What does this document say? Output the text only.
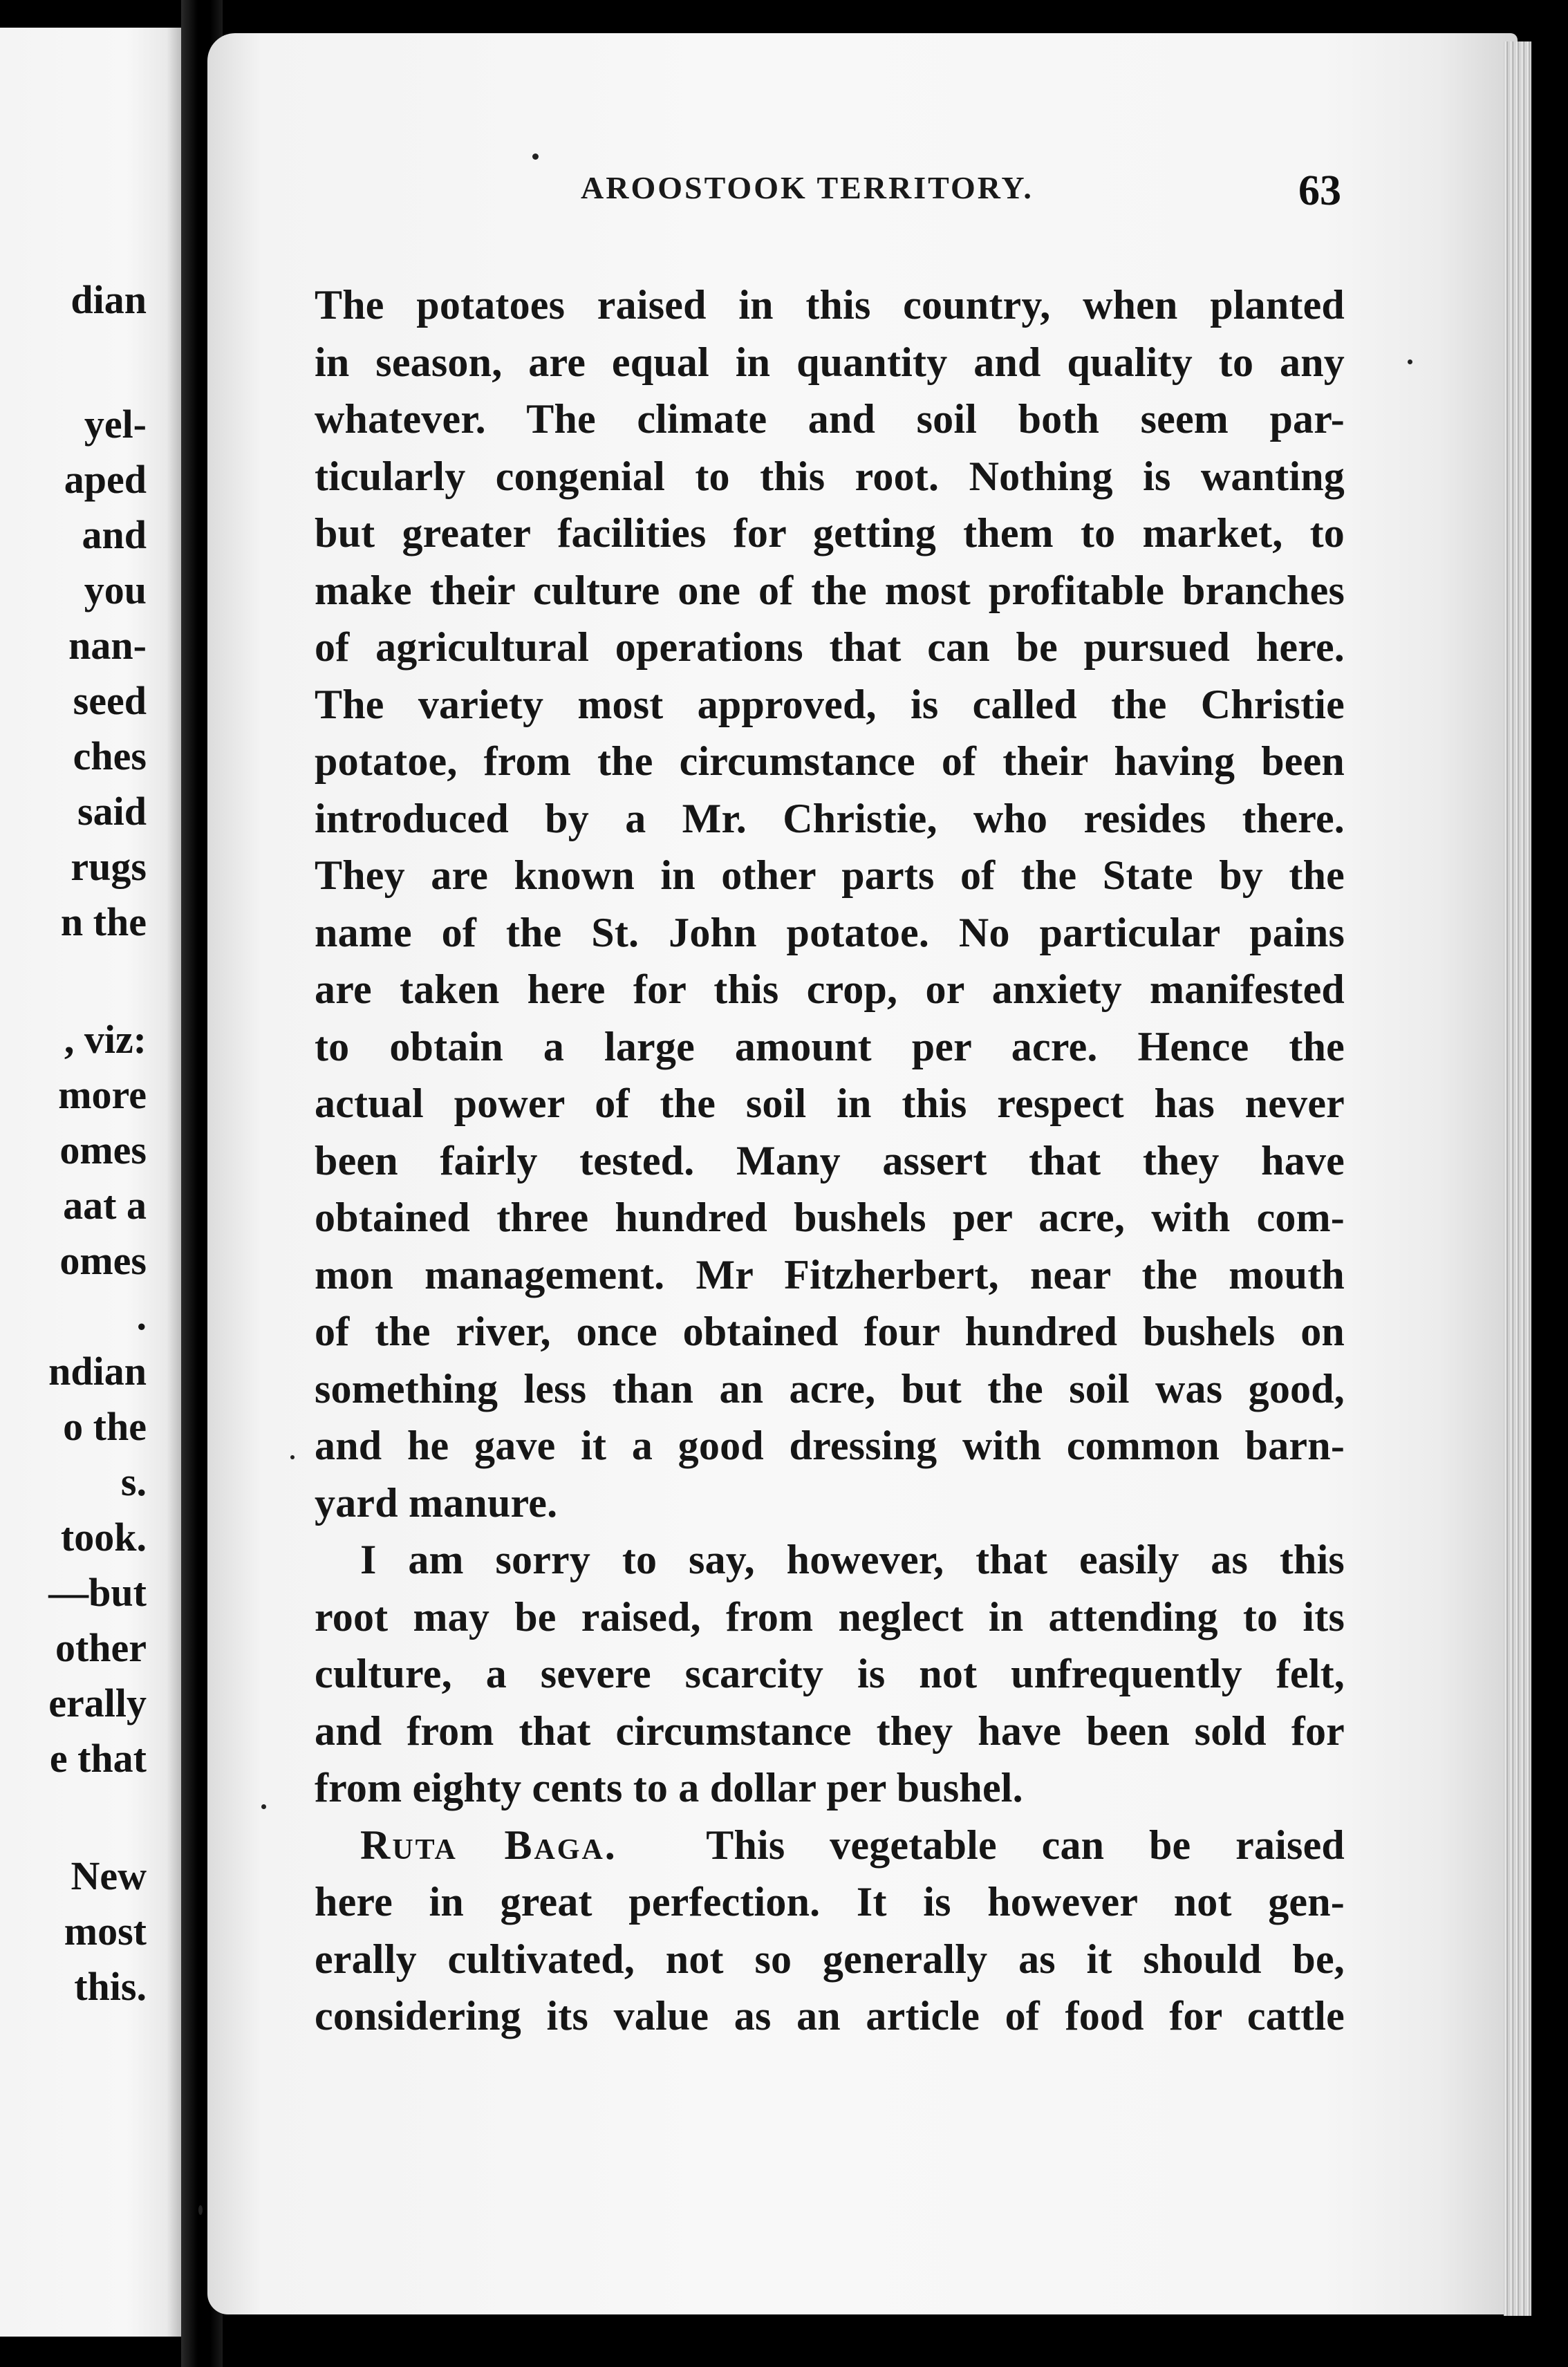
dian
yel-
aped
and
you
nan-
seed
ches
said
rugs
n the
, viz:
more
omes
aat a
omes
.
ndian
o the
s.
took.
—but
other
erally
e that
New
most
this.
AROOSTOOK TERRITORY.	63
The potatoes raised in this country, when planted
in season, are equal in quantity and quality to any
whatever. The climate and soil both seem par-
ticularly congenial to this root. Nothing is wanting
but greater facilities for getting them to market, to
make their culture one of the most profitable branches
of agricultural operations that can be pursued here.
The variety most approved, is called the Christie
potatoe, from the circumstance of their having been
introduced by a Mr. Christie, who resides there.
They are known in other parts of the State by the
name of the St. John potatoe. No particular pains
are taken here for this crop, or anxiety manifested
to obtain a large amount per acre. Hence the
actual power of the soil in this respect has never
been fairly tested. Many assert that they have
obtained three hundred bushels per acre, with com-
mon management. Mr Fitzherbert, near the mouth
of the river, once obtained four hundred bushels on
something less than an acre, but the soil was good,
and he gave it a good dressing with common barn-
yard manure.
I am sorry to say, however, that easily as this
root may be raised, from neglect in attending to its
culture, a severe scarcity is not unfrequently felt,
and from that circumstance they have been sold for
from eighty cents to a dollar per bushel.
Ruta Baga. This vegetable can be raised
here in great perfection. It is however not gen-
erally cultivated, not so generally as it should be,
considering its value as an article of food for cattle
